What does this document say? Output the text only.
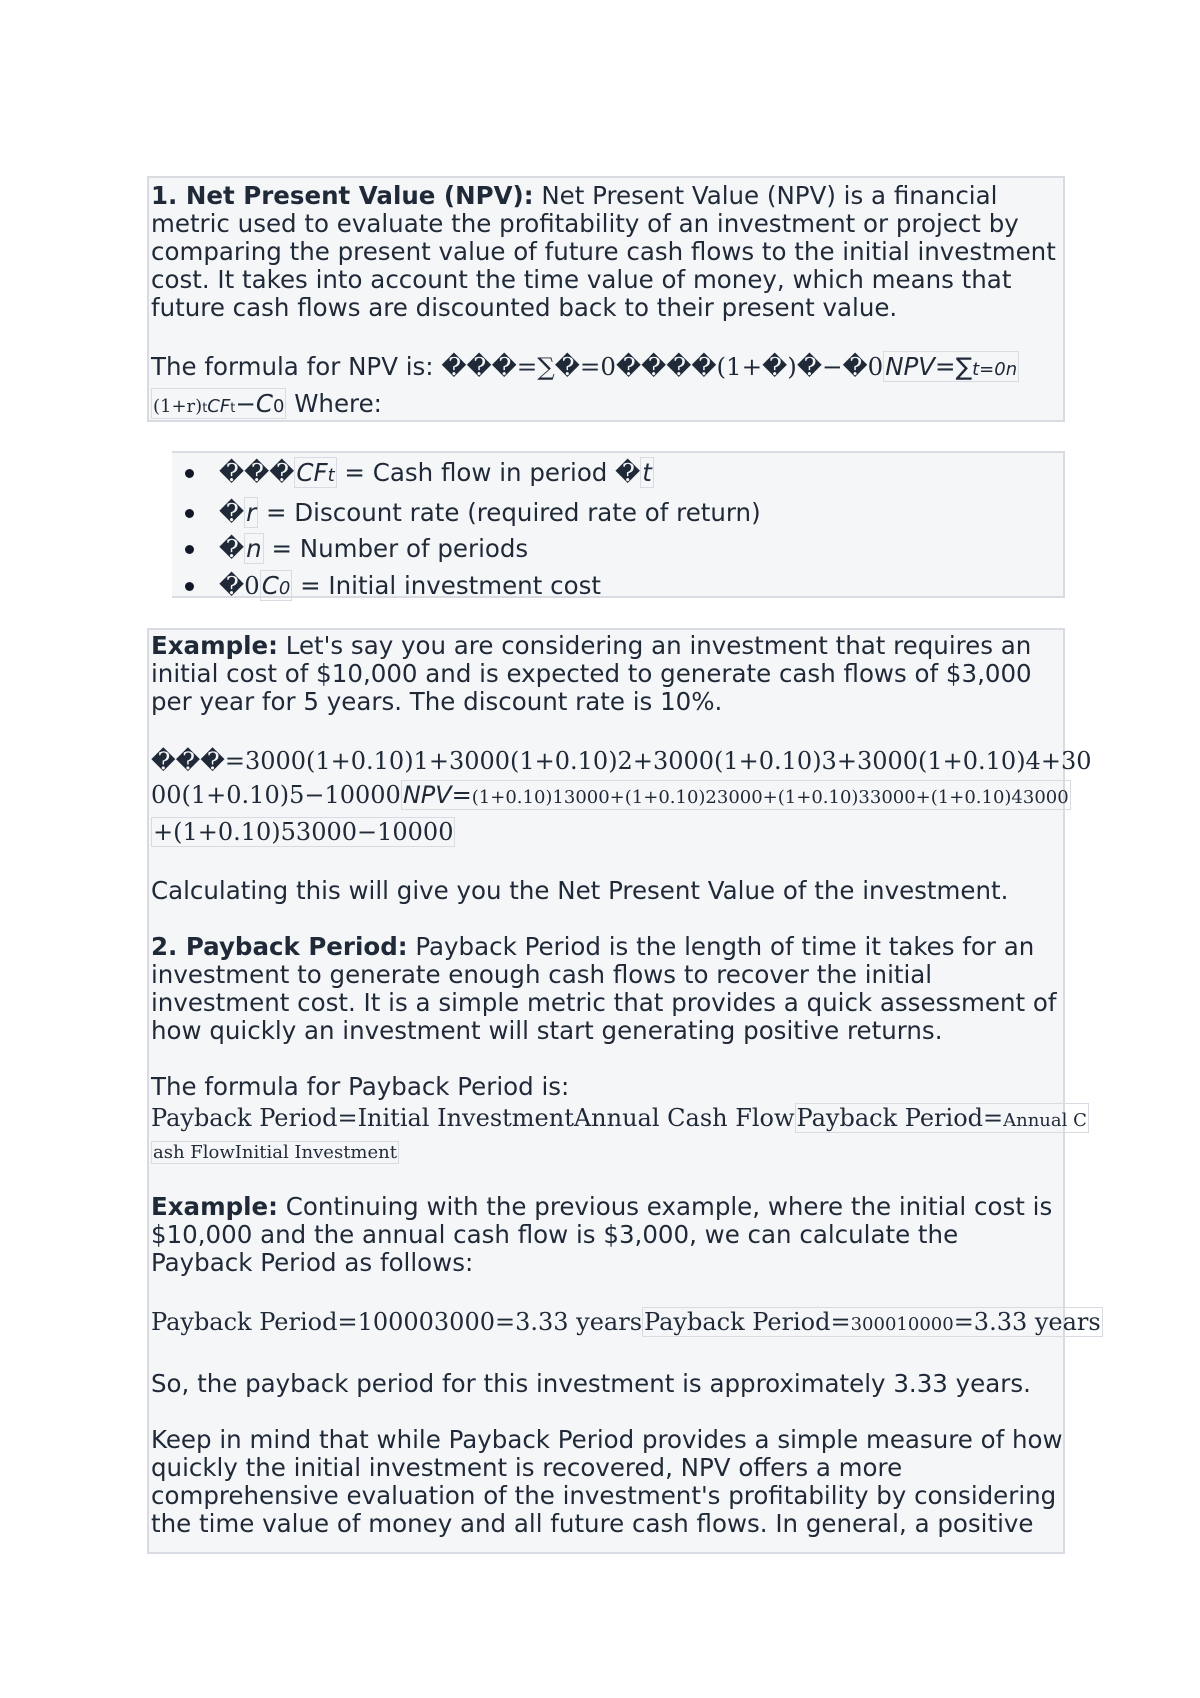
1. Net Present Value (NPV): Net Present Value (NPV) is a financial metric used to evaluate the profitability of an investment or project by comparing the present value of future cash flows to the initial investment cost. It takes into account the time value of money, which means that future cash flows are discounted back to their present value.

The formula for NPV is: ���=∑�=0����(1+�)�−�0NPV=∑t=0n

(1+r)tCFt−C0 Where:

���CFt = Cash flow in period �t
�r = Discount rate (required rate of return)
�n = Number of periods
�0C0 = Initial investment cost

Example: Let's say you are considering an investment that requires an initial cost of $10,000 and is expected to generate cash flows of $3,000 per year for 5 years. The discount rate is 10%.

���=3000(1+0.10)1+3000(1+0.10)2+3000(1+0.10)3+3000(1+0.10)4+30

00(1+0.10)5−10000NPV=(1+0.10)13000+(1+0.10)23000+(1+0.10)33000+(1+0.10)43000

+(1+0.10)53000−10000

Calculating this will give you the Net Present Value of the investment.

2. Payback Period: Payback Period is the length of time it takes for an investment to generate enough cash flows to recover the initial investment cost. It is a simple metric that provides a quick assessment of how quickly an investment will start generating positive returns.

The formula for Payback Period is:

Payback Period=Initial InvestmentAnnual Cash FlowPayback Period=Annual C

ash FlowInitial Investment

Example: Continuing with the previous example, where the initial cost is $10,000 and the annual cash flow is $3,000, we can calculate the Payback Period as follows:

Payback Period=100003000=3.33 yearsPayback Period=300010000=3.33 years

So, the payback period for this investment is approximately 3.33 years.

Keep in mind that while Payback Period provides a simple measure of how quickly the initial investment is recovered, NPV offers a more comprehensive evaluation of the investment's profitability by considering the time value of money and all future cash flows. In general, a positive
